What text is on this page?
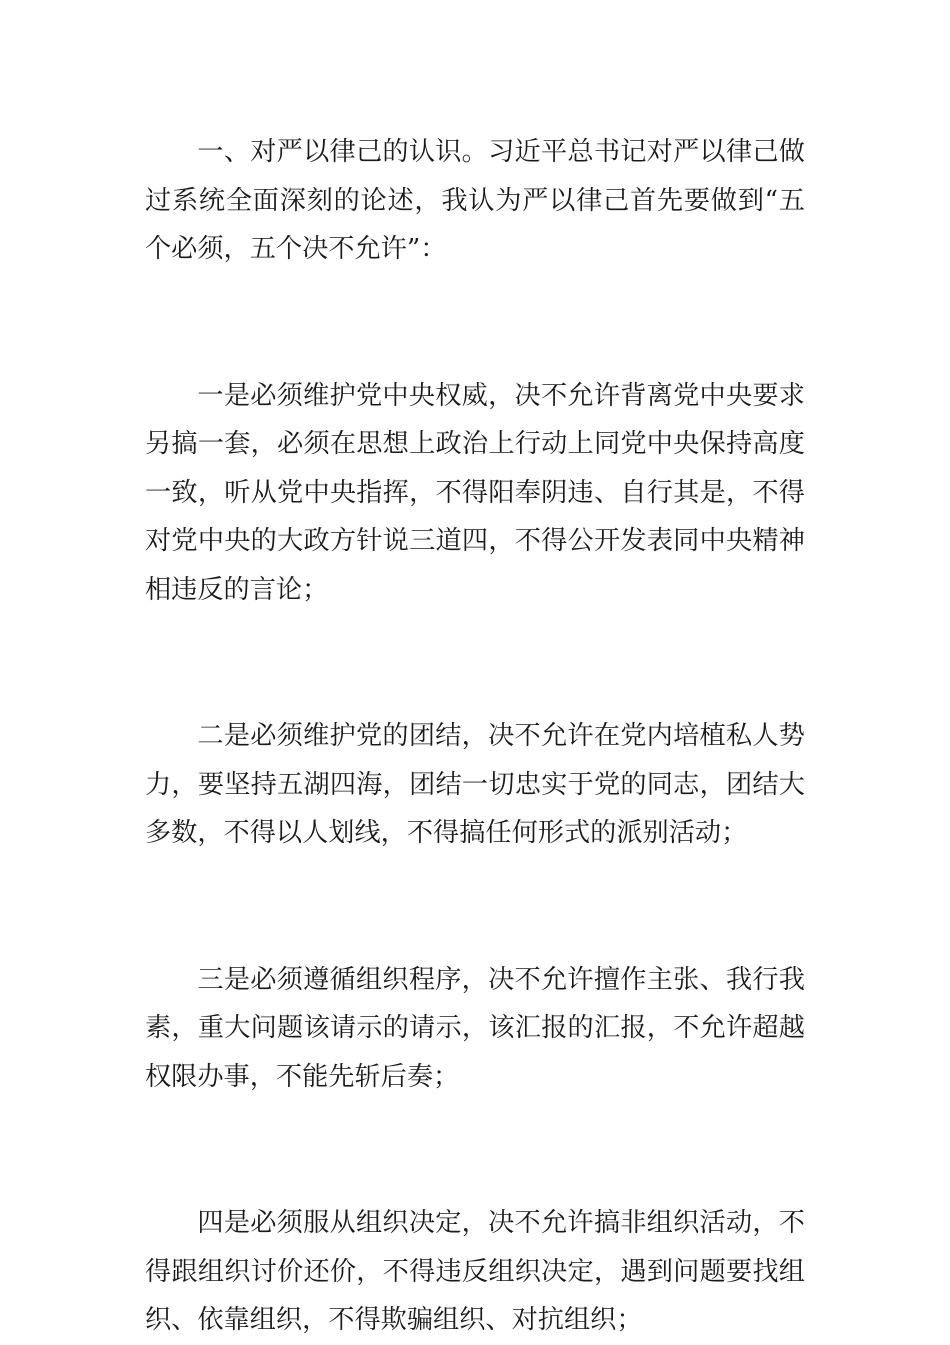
一、对严以律己的认识。习近平总书记对严以律己做过系统全面深刻的论述，我认为严以律己首先要做到“五个必须，五个决不允许”：

一是必须维护党中央权威，决不允许背离党中央要求另搞一套，必须在思想上政治上行动上同党中央保持高度一致，听从党中央指挥，不得阳奉阴违、自行其是，不得对党中央的大政方针说三道四，不得公开发表同中央精神相违反的言论；

二是必须维护党的团结，决不允许在党内培植私人势力，要坚持五湖四海，团结一切忠实于党的同志，团结大多数，不得以人划线，不得搞任何形式的派别活动；

三是必须遵循组织程序，决不允许擅作主张、我行我素，重大问题该请示的请示，该汇报的汇报，不允许超越权限办事，不能先斩后奏；

四是必须服从组织决定，决不允许搞非组织活动，不得跟组织讨价还价，不得违反组织决定，遇到问题要找组织、依靠组织，不得欺骗组织、对抗组织；
